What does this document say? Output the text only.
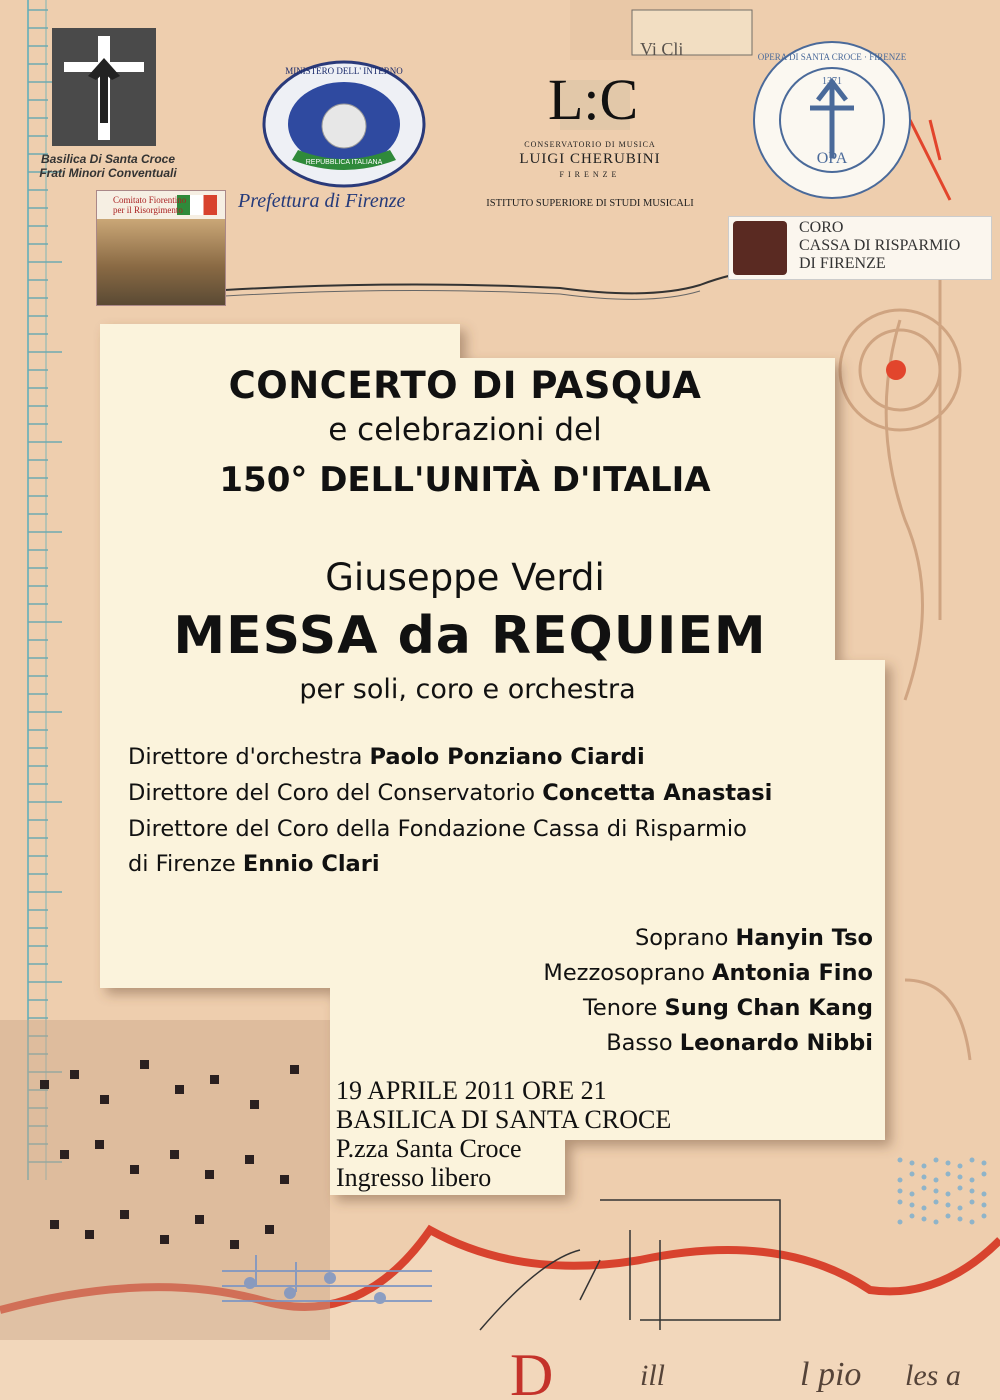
Vi Cli
l pio les a
ill
D
Basilica Di Santa Croce
Frati Minori Conventuali
MINISTERO DELL' INTERNO
REPUBBLICA ITALIANA
Prefettura di Firenze
Comitato Fiorentino
per il Risorgimento
L:C
CONSERVATORIO DI MUSICA
LUIGI CHERUBINI
FIRENZE
ISTITUTO SUPERIORE DI STUDI MUSICALI
OPERA DI SANTA CROCE · FIRENZE
1371
OPA
CORO
CASSA DI RISPARMIO
DI FIRENZE
CONCERTO DI PASQUA
e celebrazioni del
150° DELL'UNITÀ D'ITALIA
Giuseppe Verdi
MESSA da REQUIEM
per soli, coro e orchestra
Direttore d'orchestra Paolo Ponziano Ciardi
Direttore del Coro del Conservatorio Concetta Anastasi
Direttore del Coro della Fondazione Cassa di Risparmio
di Firenze Ennio Clari
Soprano Hanyin Tso
Mezzosoprano Antonia Fino
Tenore Sung Chan Kang
Basso Leonardo Nibbi
19 APRILE 2011 ORE 21
BASILICA DI SANTA CROCE
P.zza Santa Croce
Ingresso libero
